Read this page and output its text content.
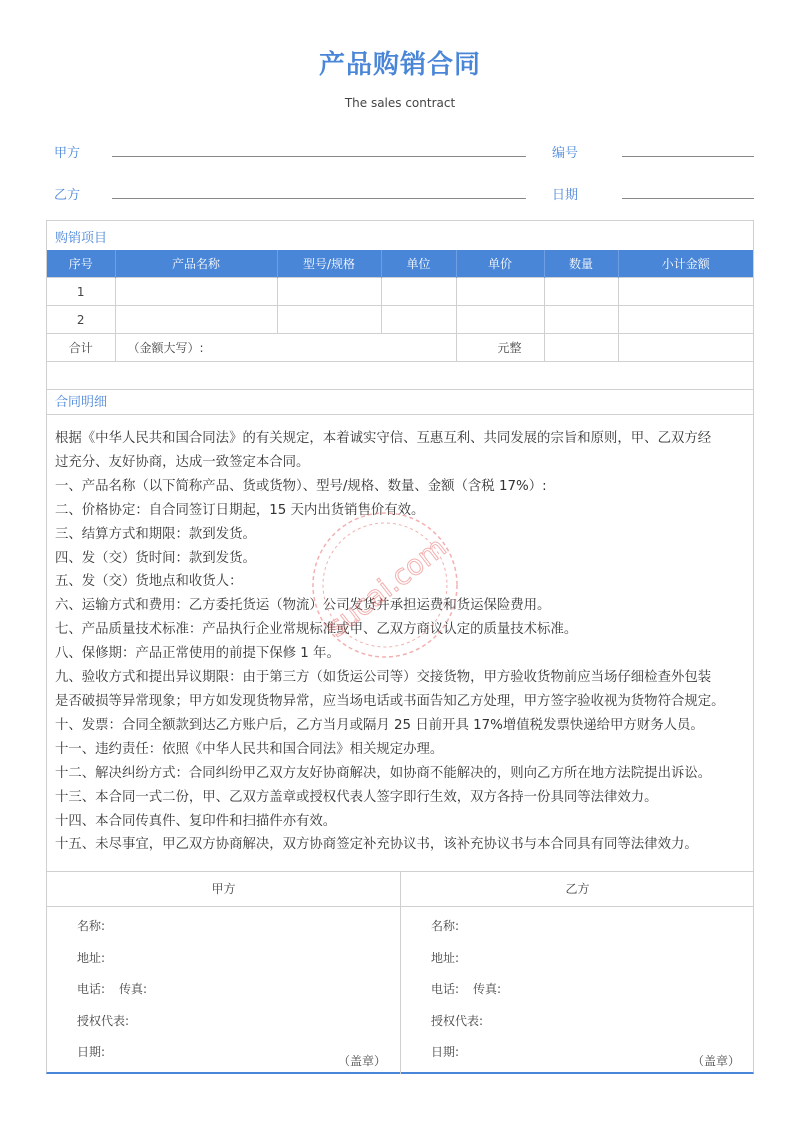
产品购销合同
The sales contract
甲方	编号
乙方	日期
购销项目
序号	产品名称	型号/规格	单位	单价	数量	小计金额
1						
2						
合计	（金额大写）:			元整		

合同明细
根据《中华人民共和国合同法》的有关规定，本着诚实守信、互惠互利、共同发展的宗旨和原则，甲、乙双方经
过充分、友好协商，达成一致签定本合同。
一、产品名称（以下简称产品、货或货物）、型号/规格、数量、金额（含税 17%）:
二、价格协定：自合同签订日期起，15 天内出货销售价有效。
三、结算方式和期限：款到发货。
四、发（交）货时间：款到发货。
五、发（交）货地点和收货人：
六、运输方式和费用：乙方委托货运（物流）公司发货并承担运费和货运保险费用。
七、产品质量技术标准：产品执行企业常规标准或甲、乙双方商议认定的质量技术标准。
八、保修期：产品正常使用的前提下保修 1 年。
九、验收方式和提出异议期限：由于第三方（如货运公司等）交接货物，甲方验收货物前应当场仔细检查外包装
是否破损等异常现象；甲方如发现货物异常，应当场电话或书面告知乙方处理，甲方签字验收视为货物符合规定。
十、发票：合同全额款到达乙方账户后，乙方当月或隔月 25 日前开具 17%增值税发票快递给甲方财务人员。
十一、违约责任：依照《中华人民共和国合同法》相关规定办理。
十二、解决纠纷方式：合同纠纷甲乙双方友好协商解决，如协商不能解决的，则向乙方所在地方法院提出诉讼。
十三、本合同一式二份，甲、乙双方盖章或授权代表人签字即行生效，双方各持一份具同等法律效力。
十四、本合同传真件、复印件和扫描件亦有效。
十五、未尽事宜，甲乙双方协商解决，双方协商签定补充协议书，该补充协议书与本合同具有同等法律效力。
甲方
名称:
地址:
电话: 传真:
授权代表:
日期:
（盖章）
乙方
名称:
地址:
电话: 传真:
授权代表:
日期:
（盖章）
sucai.com
